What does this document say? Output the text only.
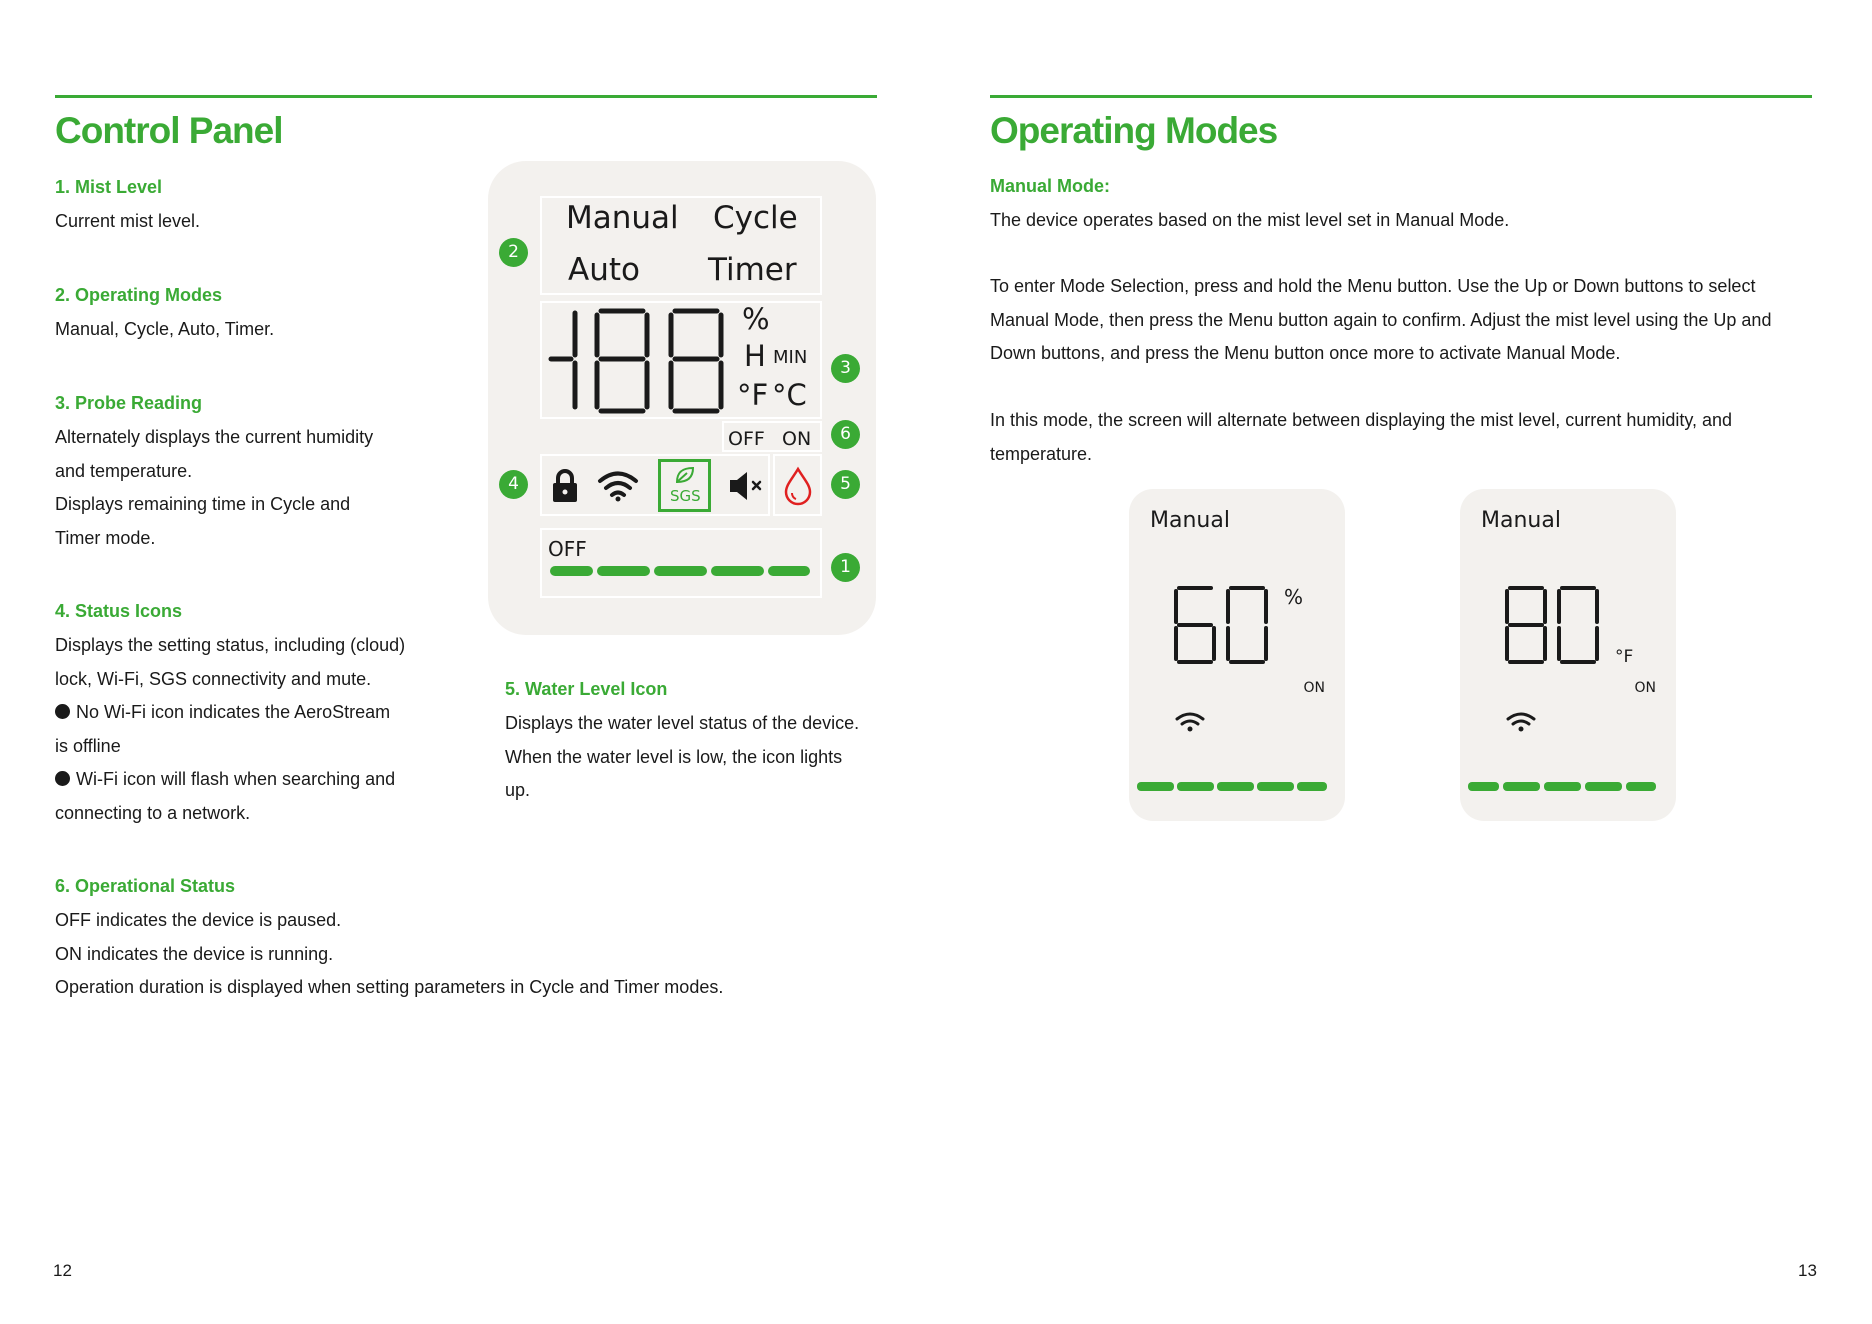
Control Panel
1. Mist Level

Current mist level.

2. Operating Modes

Manual, Cycle, Auto, Timer.

3. Probe Reading

Alternately displays the current humidity

and temperature.

Displays remaining time in Cycle and

Timer mode.

4. Status Icons

Displays the setting status, including (cloud)

lock, Wi-Fi, SGS connectivity and mute.

No Wi-Fi icon indicates the AeroStream

is offline

Wi-Fi icon will flash when searching and

connecting to a network.

5. Water Level Icon

Displays the water level status of the device.

When the water level is low, the icon lights

up.

6. Operational Status

OFF indicates the device is paused.

ON indicates the device is running.

Operation duration is displayed when setting parameters in Cycle and Timer modes.

Manual Cycle
Auto Timer
%
H MIN
°F °C
OFF ON
SGS
OFF
2
3
6
4	5
1
12
Operating Modes
Manual Mode:

The device operates based on the mist level set in Manual Mode.

To enter Mode Selection, press and hold the Menu button. Use the Up or Down buttons to select

Manual Mode, then press the Menu button again to confirm. Adjust the mist level using the Up and

Down buttons, and press the Menu button once more to activate Manual Mode.

In this mode, the screen will alternate between displaying the mist level, current humidity, and

temperature.

Manual
%
ON
Manual
°F
ON
13
